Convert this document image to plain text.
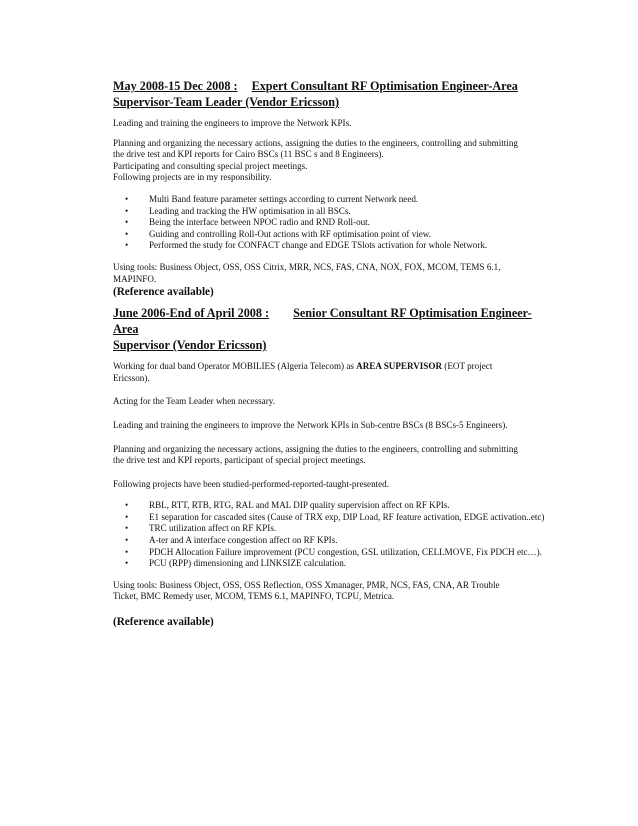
May 2008-15 Dec 2008 : Expert Consultant RF Optimisation Engineer-Area

Supervisor-Team Leader (Vendor Ericsson)

Leading and training the engineers to improve the Network KPIs.

Planning and organizing the necessary actions, assigning the duties to the engineers, controlling and submitting

the drive test and KPI reports for Cairo BSCs (11 BSC s and 8 Engineers).

Participating and consulting special project meetings.

Following projects are in my responsibility.

• Multi Band feature parameter settings according to current Network need.
• Leading and tracking the HW optimisation in all BSCs.
• Being the interface between NPOC radio and RND Roll-out.
• Guiding and controlling Roll-Out actions with RF optimisation point of view.
• Performed the study for CONFACT change and EDGE TSlots activation for whole Network.

Using tools: Business Object, OSS, OSS Citrix, MRR, NCS, FAS, CNA, NOX, FOX, MCOM, TEMS 6.1,

MAPINFO.

(Reference available)

June 2006-End of April 2008 : Senior Consultant RF Optimisation Engineer-Area

Supervisor (Vendor Ericsson)

Working for dual band Operator MOBILIES (Algeria Telecom) as AREA SUPERVISOR (EOT project

Ericsson).

Acting for the Team Leader when necessary.

Leading and training the engineers to improve the Network KPIs in Sub-centre BSCs (8 BSCs-5 Engineers).

Planning and organizing the necessary actions, assigning the duties to the engineers, controlling and submitting

the drive test and KPI reports, participant of special project meetings.

Following projects have been studied-performed-reported-taught-presented.

• RBL, RTT, RTB, RTG, RAL and MAL DIP quality supervision affect on RF KPIs.
• E1 separation for cascaded sites (Cause of TRX exp, DIP Load, RF feature activation, EDGE activation..etc)
• TRC utilization affect on RF KPIs.
• A-ter and A interface congestion affect on RF KPIs.
• PDCH Allocation Failure improvement (PCU congestion, GSL utilization, CELLMOVE, Fix PDCH etc…).
• PCU (RPP) dimensioning and LINKSIZE calculation.

Using tools: Business Object, OSS, OSS Reflection, OSS Xmanager, PMR, NCS, FAS, CNA, AR Trouble

Ticket, BMC Remedy user, MCOM, TEMS 6.1, MAPINFO, TCPU, Metrica.

(Reference available)
